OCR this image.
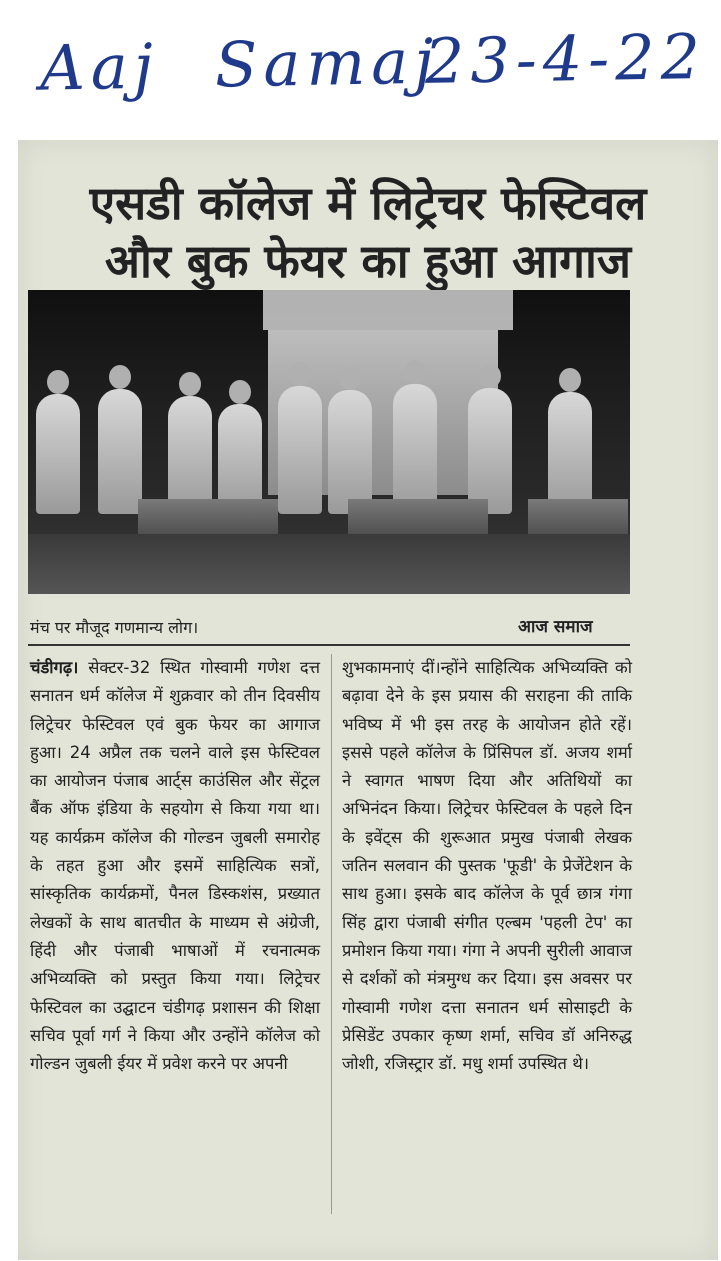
Aaj Samaj
23-4-22
एसडी कॉलेज में लिट्रेचर फेस्टिवल
और बुक फेयर का हुआ आगाज
मंच पर मौजूद गणमान्य लोग।	आज समाज

चंडीगढ़। सेक्टर-32 स्थित गोस्वामी गणेश दत्त सनातन धर्म कॉलेज में शुक्रवार को तीन दिवसीय लिट्रेचर फेस्टिवल एवं बुक फेयर का आगाज हुआ। 24 अप्रैल तक चलने वाले इस फेस्टिवल का आयोजन पंजाब आर्ट्स काउंसिल और सेंट्रल बैंक ऑफ इंडिया के सहयोग से किया गया था। यह कार्यक्रम कॉलेज की गोल्डन जुबली समारोह के तहत हुआ और इसमें साहित्यिक सत्रों, सांस्कृतिक कार्यक्रमों, पैनल डिस्कशंस, प्रख्यात लेखकों के साथ बातचीत के माध्यम से अंग्रेजी, हिंदी और पंजाबी भाषाओं में रचनात्मक अभिव्यक्ति को प्रस्तुत किया गया। लिट्रेचर फेस्टिवल का उद्घाटन चंडीगढ़ प्रशासन की शिक्षा सचिव पूर्वा गर्ग ने किया और उन्होंने कॉलेज को गोल्डन जुबली ईयर में प्रवेश करने पर अपनी

शुभकामनाएं दीं।न्होंने साहित्यिक अभिव्यक्ति को बढ़ावा देने के इस प्रयास की सराहना की ताकि भविष्य में भी इस तरह के आयोजन होते रहें। इससे पहले कॉलेज के प्रिंसिपल डॉ. अजय शर्मा ने स्वागत भाषण दिया और अतिथियों का अभिनंदन किया। लिट्रेचर फेस्टिवल के पहले दिन के इवेंट्स की शुरूआत प्रमुख पंजाबी लेखक जतिन सलवान की पुस्तक 'फूडी' के प्रेजेंटेशन के साथ हुआ। इसके बाद कॉलेज के पूर्व छात्र गंगा सिंह द्वारा पंजाबी संगीत एल्बम 'पहली टेप' का प्रमोशन किया गया। गंगा ने अपनी सुरीली आवाज से दर्शकों को मंत्रमुग्ध कर दिया। इस अवसर पर गोस्वामी गणेश दत्ता सनातन धर्म सोसाइटी के प्रेसिडेंट उपकार कृष्ण शर्मा, सचिव डॉ अनिरुद्ध जोशी, रजिस्ट्रार डॉ. मधु शर्मा उपस्थित थे।
